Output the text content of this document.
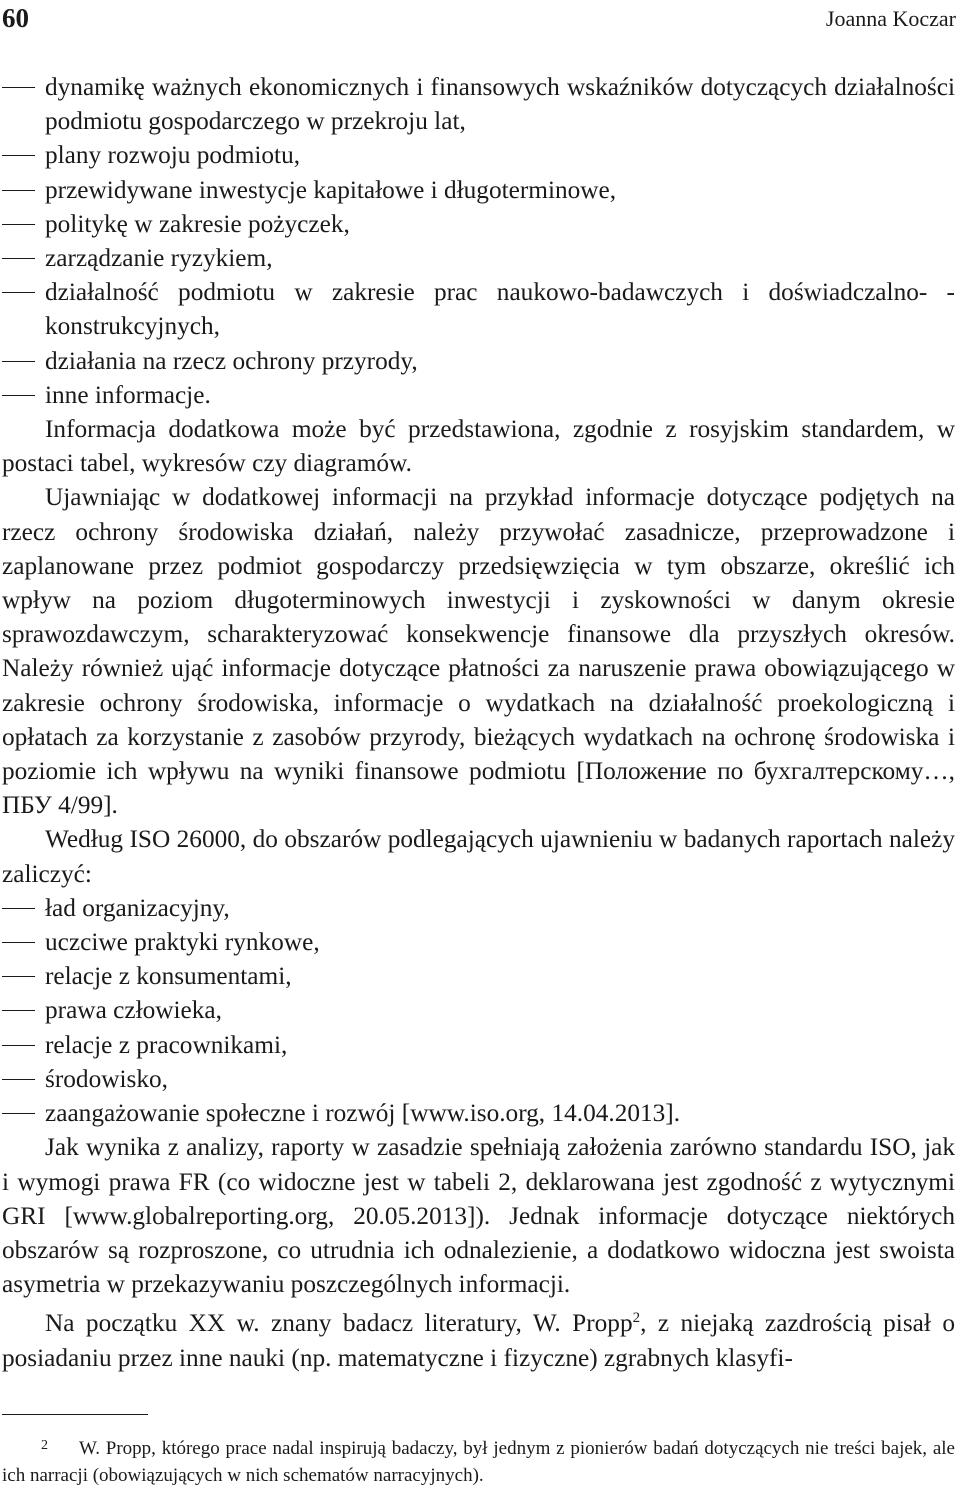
60	Joanna Koczar
dynamikę ważnych ekonomicznych i finansowych wskaźników dotyczących działalności podmiotu gospodarczego w przekroju lat,
plany rozwoju podmiotu,
przewidywane inwestycje kapitałowe i długoterminowe,
politykę w zakresie pożyczek,
zarządzanie ryzykiem,
działalność podmiotu w zakresie prac naukowo-badawczych i doświadczalno- -konstrukcyjnych,
działania na rzecz ochrony przyrody,
inne informacje.

Informacja dodatkowa może być przedstawiona, zgodnie z rosyjskim standardem, w postaci tabel, wykresów czy diagramów.

Ujawniając w dodatkowej informacji na przykład informacje dotyczące podjętych na rzecz ochrony środowiska działań, należy przywołać zasadnicze, przeprowadzone i zaplanowane przez podmiot gospodarczy przedsięwzięcia w tym obszarze, określić ich wpływ na poziom długoterminowych inwestycji i zyskowności w danym okresie sprawozdawczym, scharakteryzować konsekwencje finansowe dla przyszłych okresów. Należy również ująć informacje dotyczące płatności za naruszenie prawa obowiązującego w zakresie ochrony środowiska, informacje o wydatkach na działalność proekologiczną i opłatach za korzystanie z zasobów przyrody, bieżących wydatkach na ochronę środowiska i poziomie ich wpływu na wyniki finansowe podmiotu [Положение по бухгалтерскому…, ПБУ 4/99].

Według ISO 26000, do obszarów podlegających ujawnieniu w badanych raportach należy zaliczyć:

ład organizacyjny,
uczciwe praktyki rynkowe,
relacje z konsumentami,
prawa człowieka,
relacje z pracownikami,
środowisko,
zaangażowanie społeczne i rozwój [www.iso.org, 14.04.2013].

Jak wynika z analizy, raporty w zasadzie spełniają założenia zarówno standardu ISO, jak i wymogi prawa FR (co widoczne jest w tabeli 2, deklarowana jest zgodność z wytycznymi GRI [www.globalreporting.org, 20.05.2013]). Jednak informacje dotyczące niektórych obszarów są rozproszone, co utrudnia ich odnalezienie, a dodatkowo widoczna jest swoista asymetria w przekazywaniu poszczególnych informacji.

Na początku XX w. znany badacz literatury, W. Propp$^2$, z niejaką zazdrością pisał o posiadaniu przez inne nauki (np. matematyczne i fizyczne) zgrabnych klasyfi-

2 W. Propp, którego prace nadal inspirują badaczy, był jednym z pionierów badań dotyczących nie treści bajek, ale ich narracji (obowiązujących w nich schematów narracyjnych).
